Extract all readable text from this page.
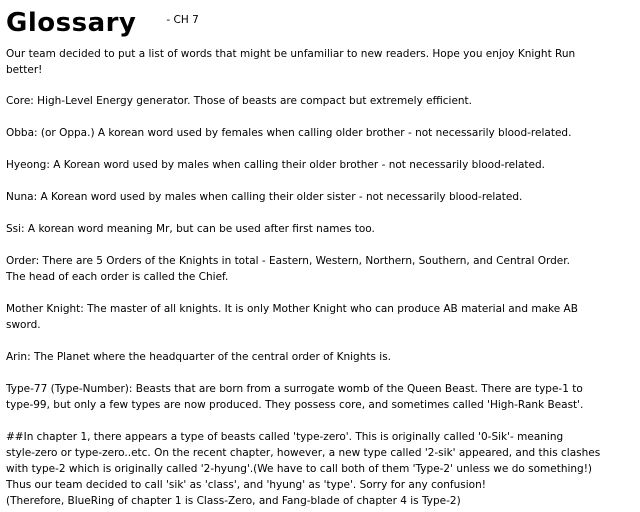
Glossary	- CH 7

Our team decided to put a list of words that might be unfamiliar to new readers. Hope you enjoy Knight Run
better!

Core: High-Level Energy generator. Those of beasts are compact but extremely efficient.

Obba: (or Oppa.) A korean word used by females when calling older brother - not necessarily blood-related.

Hyeong: A Korean word used by males when calling their older brother - not necessarily blood-related.

Nuna: A Korean word used by males when calling their older sister - not necessarily blood-related.

Ssi: A korean word meaning Mr, but can be used after first names too.

Order: There are 5 Orders of the Knights in total - Eastern, Western, Northern, Southern, and Central Order.
The head of each order is called the Chief.

Mother Knight: The master of all knights. It is only Mother Knight who can produce AB material and make AB
sword.

Arin: The Planet where the headquarter of the central order of Knights is.

Type-77 (Type-Number): Beasts that are born from a surrogate womb of the Queen Beast. There are type-1 to
type-99, but only a few types are now produced. They possess core, and sometimes called 'High-Rank Beast'.

##In chapter 1, there appears a type of beasts called 'type-zero'. This is originally called '0-Sik'- meaning
style-zero or type-zero..etc. On the recent chapter, however, a new type called '2-sik' appeared, and this clashes
with type-2 which is originally called '2-hyung'.(We have to call both of them 'Type-2' unless we do something!)
Thus our team decided to call 'sik' as 'class', and 'hyung' as 'type'. Sorry for any confusion!
(Therefore, BlueRing of chapter 1 is Class-Zero, and Fang-blade of chapter 4 is Type-2)
